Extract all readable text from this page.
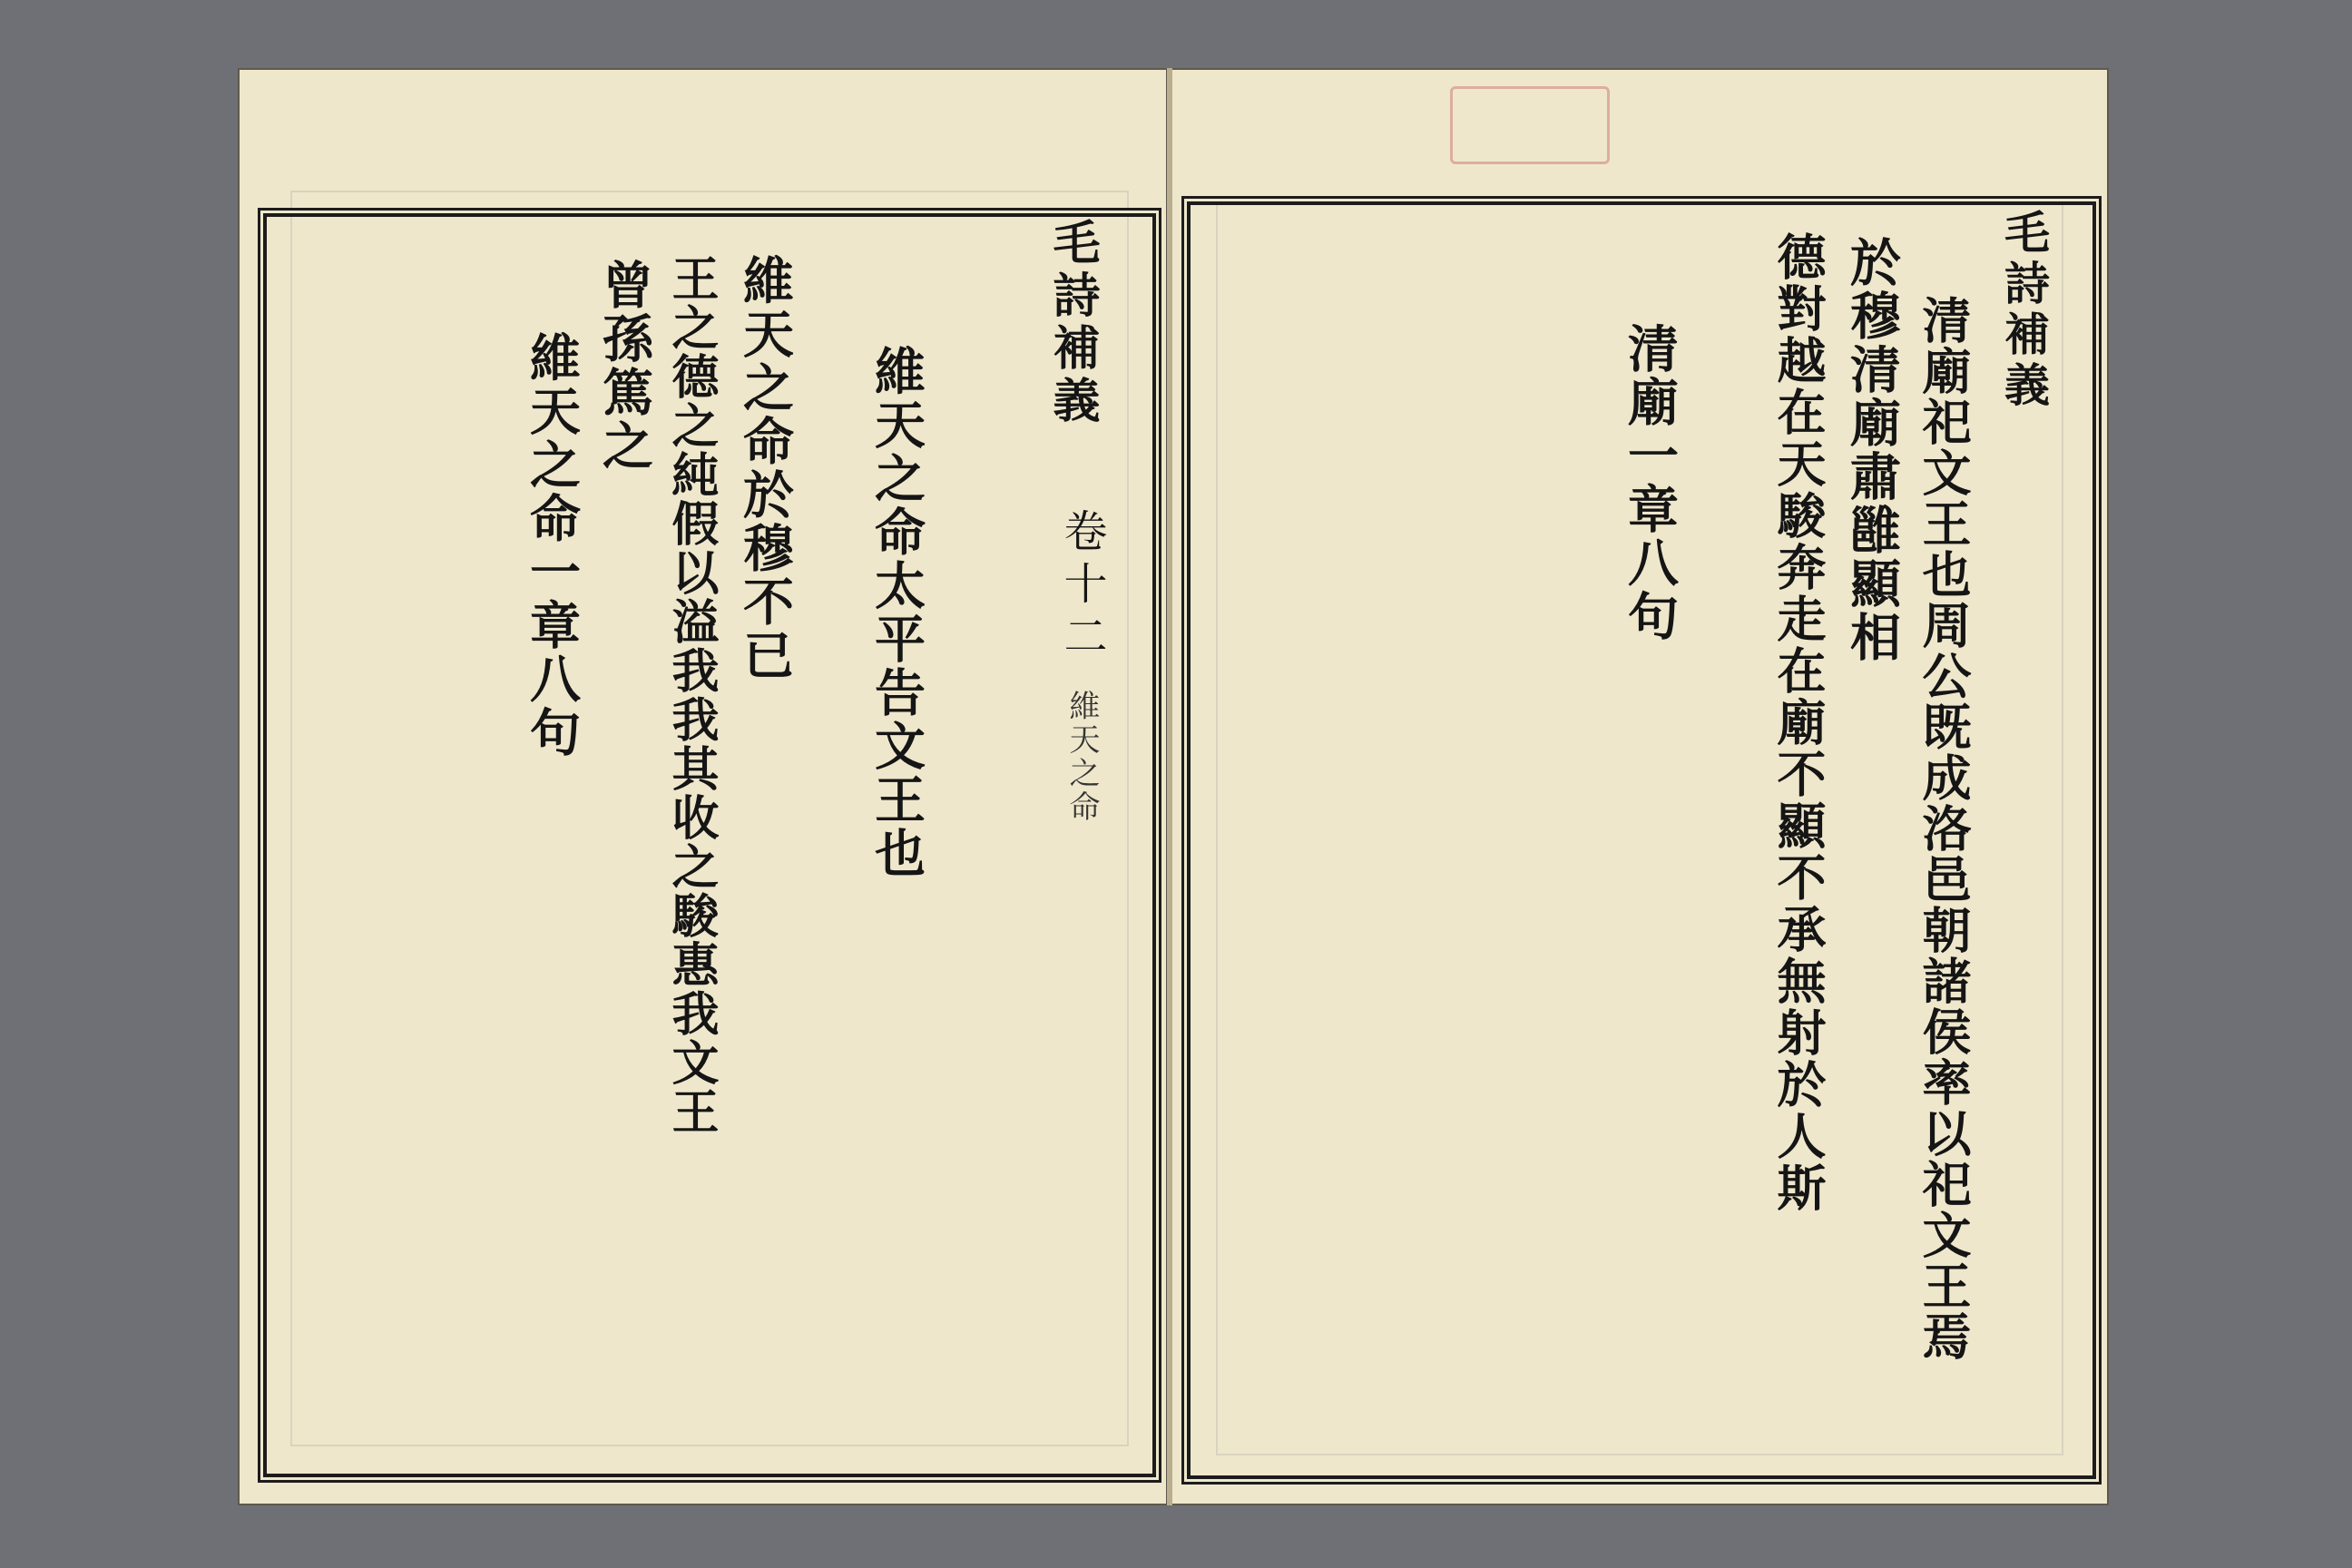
毛詩補義
卷十二
維天之命
維天之命太平告文王也
維天之命於穆不已
王之德之純假以溢我我其收之駿惠我文王
曾孫篤之
維天之命一章八句
毛詩補義
清廟祀文王也周公既成洛邑朝諸侯率以祀文王焉
於穆清廟肅雝顯相
德對越在天駿奔走在廟不顯不承無射於人斯
清廟一章八句
